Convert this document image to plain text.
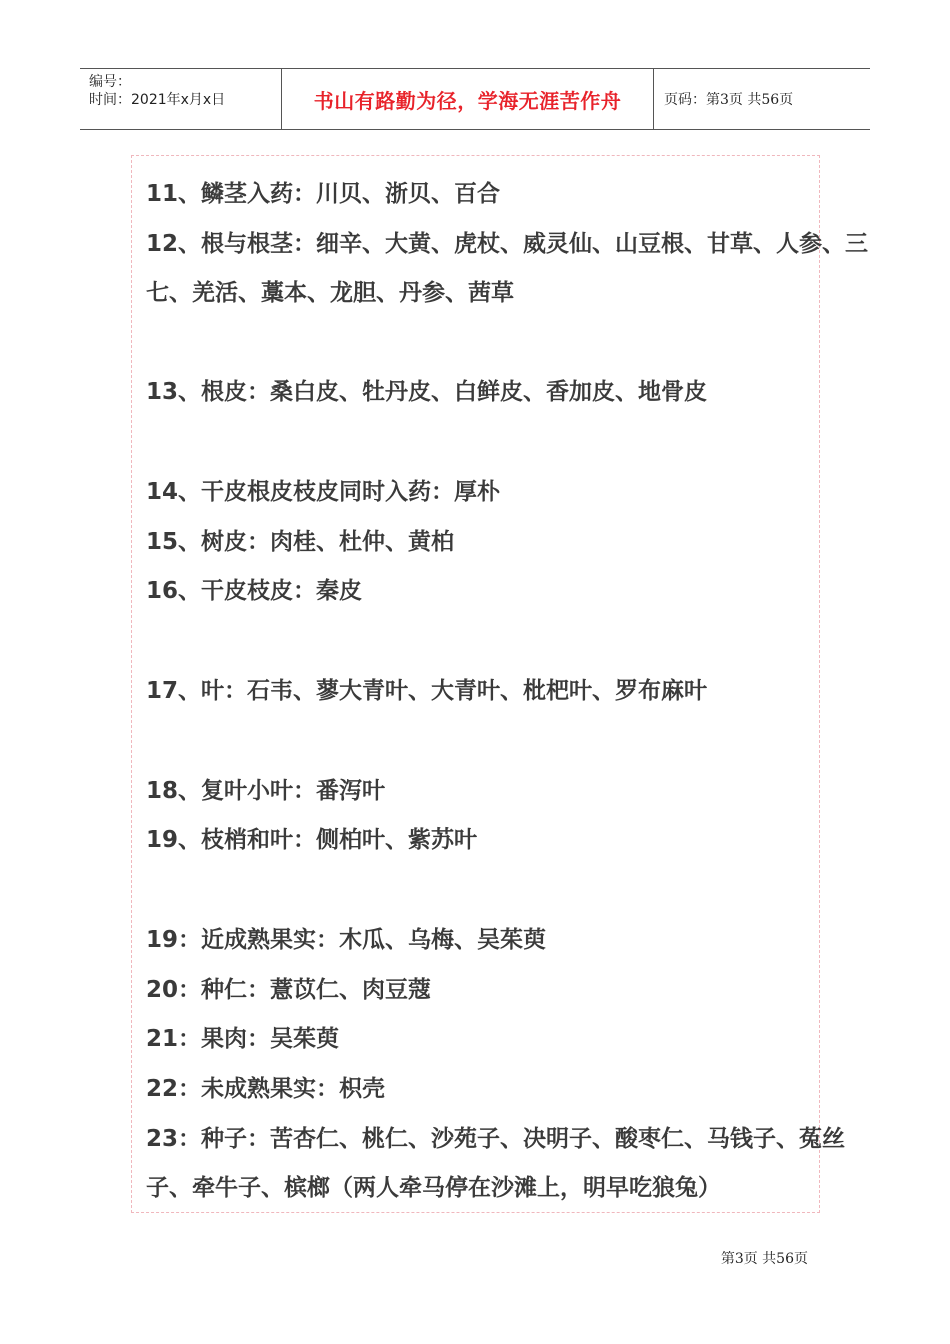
编号：
时间：2021年x月x日	书山有路勤为径，学海无涯苦作舟	页码：第3页 共56页
11、鳞茎入药：川贝、浙贝、百合
12、根与根茎：细辛、大黄、虎杖、威灵仙、山豆根、甘草、人参、三
七、羌活、藁本、龙胆、丹参、茜草
13、根皮：桑白皮、牡丹皮、白鲜皮、香加皮、地骨皮
14、干皮根皮枝皮同时入药：厚朴
15、树皮：肉桂、杜仲、黄柏
16、干皮枝皮：秦皮
17、叶：石韦、蓼大青叶、大青叶、枇杷叶、罗布麻叶
18、复叶小叶：番泻叶
19、枝梢和叶：侧柏叶、紫苏叶
19：近成熟果实：木瓜、乌梅、吴茱萸
20：种仁：薏苡仁、肉豆蔻
21：果肉：吴茱萸
22：未成熟果实：枳壳
23：种子：苦杏仁、桃仁、沙苑子、决明子、酸枣仁、马钱子、菟丝
子、牵牛子、槟榔（两人牵马停在沙滩上，明早吃狼兔）
第3页 共56页
